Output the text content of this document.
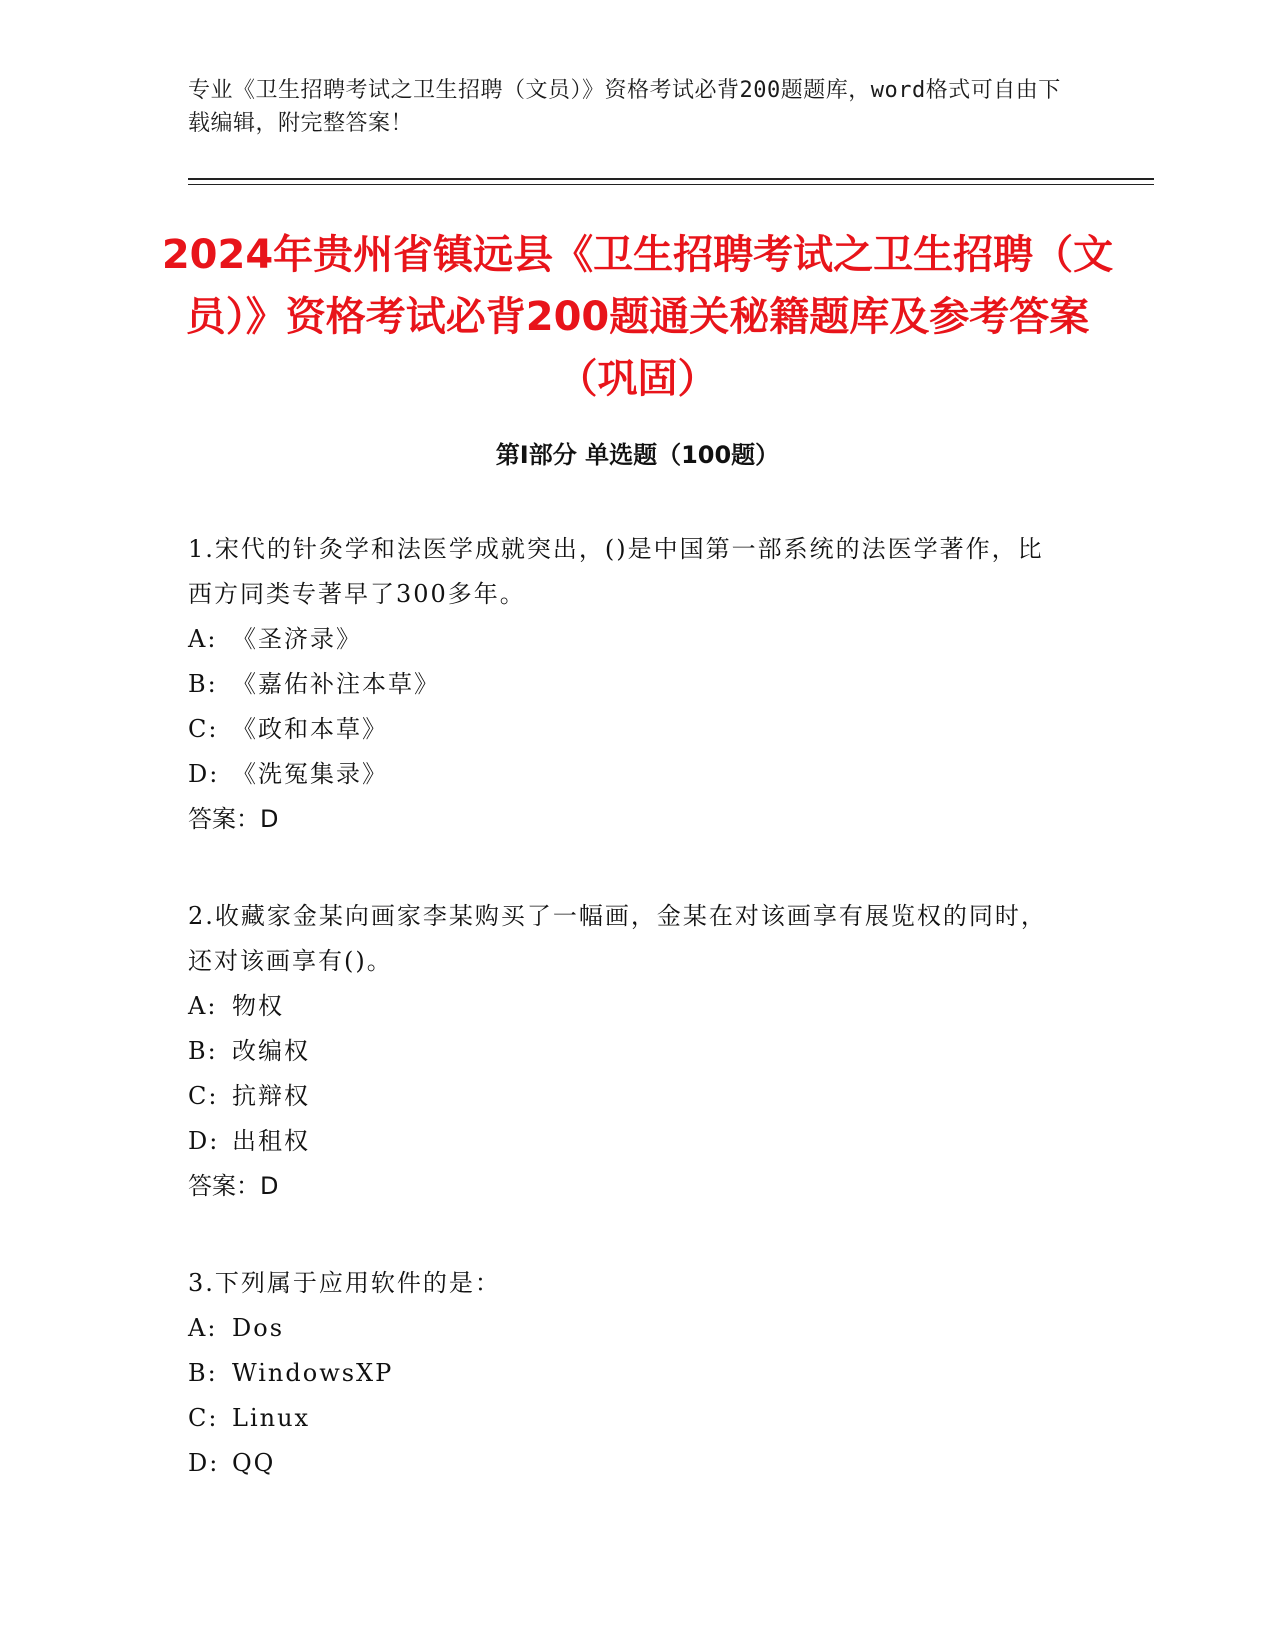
专业《卫生招聘考试之卫生招聘（文员）》资格考试必背200题题库，word格式可自由下载编辑，附完整答案！
2024年贵州省镇远县《卫生招聘考试之卫生招聘（文员）》资格考试必背200题通关秘籍题库及参考答案（巩固）
第I部分 单选题（100题）
1.宋代的针灸学和法医学成就突出，()是中国第一部系统的法医学著作，比西方同类专著早了300多年。
A: 《圣济录》
B: 《嘉佑补注本草》
C: 《政和本草》
D: 《洗冤集录》
答案：D
2.收藏家金某向画家李某购买了一幅画，金某在对该画享有展览权的同时，还对该画享有()。
A: 物权
B: 改编权
C: 抗辩权
D: 出租权
答案：D
3.下列属于应用软件的是：
A: Dos
B: WindowsXP
C: Linux
D: QQ
